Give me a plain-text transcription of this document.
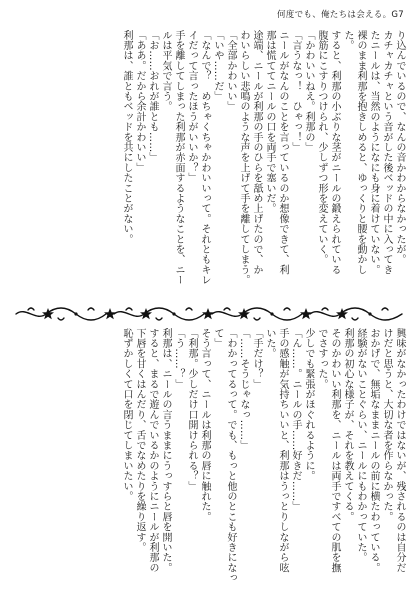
何度でも、俺たちは会える。G7

り込んでいるので、なんの音かわからなかったが。

カチャカチャという音がした後ベッドの中に入ってき

たニールは、当然のようになにも身に着けていない。

裸のまま利那を抱きしめると、ゆっくりと腰を動かし

た。

すると、利那の小ぶりな茎がニールの鍛えられている

腹筋にこすりつけられ、少しずつ形を変えていく。

「かわいいねえ。利那の」

「言うなっ！　ひゃっ！」

ニールがなんのことを言っているのか想像できて、利

那は慌ててニールの口を両手で塞いだ。

途端、ニールが利那の手のひらを舐め上げたので、か

わいらしい悲鳴のような声を上げて手を離してしまう。

「全部かわいい」

「いや……だ」

「なんで？　めちゃくちゃかわいいって。それともキレ

イだって言ったほうがいいか？」

手を離してしまった利那が赤面するようなことを、ニー

ルは平気で言う。

「お……おれが誰とも……」

「ああ。だから余計かわいい」

利那は、誰ともベッドを共にしたことがない。

興味がなかったわけではないが、残されるのは自分だ

けだと思うと、大切な者を作らなかった。

おかげで、無垢なままニールの前に横たわっている。

経験がないことぐらい、ニールにもわかっていた。

利那の初心な様子が、それを教えてくる。

そのかわいい利那を、ニールは両手ですべての肌を撫

でさすった。

少しでも緊張がほぐれるように。

「ん……。ニールの手……好きだ……」

手の感触が気持ちいいと、利那はうっとりしながら呟

いた。

「手だけ？」

「……そうじゃなっ……」

「わかってるって。でも、もっと他のとこも好きになっ

て」

そう言って、ニールは利那の唇に触れた。

「利那。少しだけ口開けられる？」

「う……？」

利那は、ニールの言うままにうっすらと唇を開いた。

すると、まるで遊んでいるかのようにニールが利那の

下唇を甘くはんだり、舌でなめたりを繰り返す。

恥ずかしくて口を閉じてしまいたい。
